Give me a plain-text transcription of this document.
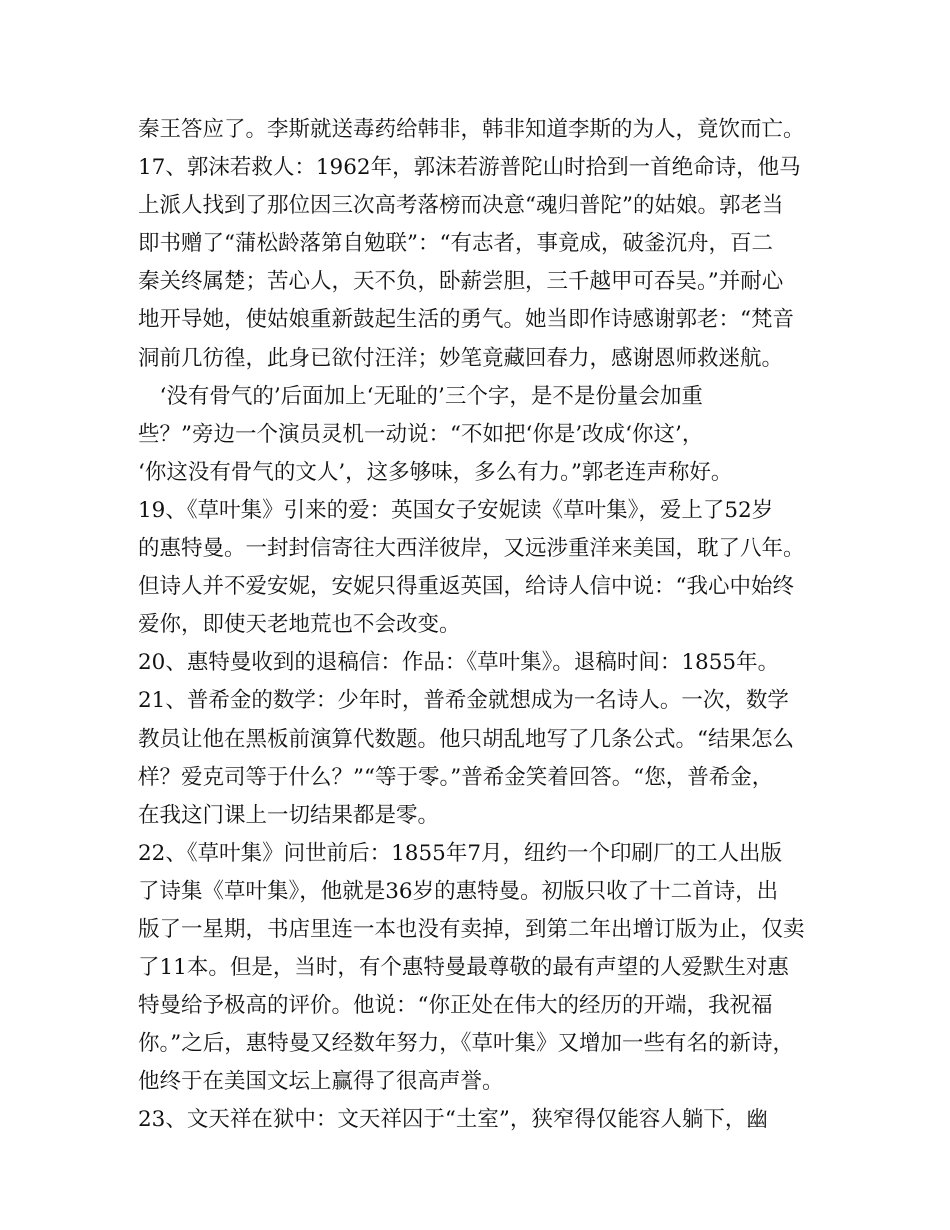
秦王答应了。李斯就送毒药给韩非，韩非知道李斯的为人，竟饮而亡。
17、郭沫若救人：1962年，郭沫若游普陀山时拾到一首绝命诗，他马
上派人找到了那位因三次高考落榜而决意“魂归普陀”的姑娘。郭老当
即书赠了“蒲松龄落第自勉联”：“有志者，事竟成，破釜沉舟，百二
秦关终属楚；苦心人，天不负，卧薪尝胆，三千越甲可吞吴。”并耐心
地开导她，使姑娘重新鼓起生活的勇气。她当即作诗感谢郭老：“梵音
洞前几彷徨，此身已欲付汪洋；妙笔竟藏回春力，感谢恩师救迷航。
　‘没有骨气的’后面加上‘无耻的’三个字，是不是份量会加重
些？”旁边一个演员灵机一动说：“不如把‘你是’改成‘你这’，
‘你这没有骨气的文人’，这多够味，多么有力。”郭老连声称好。
19、《草叶集》引来的爱：英国女子安妮读《草叶集》，爱上了52岁
的惠特曼。一封封信寄往大西洋彼岸，又远涉重洋来美国，耽了八年。
但诗人并不爱安妮，安妮只得重返英国，给诗人信中说：“我心中始终
爱你，即使天老地荒也不会改变。
20、惠特曼收到的退稿信：作品：《草叶集》。退稿时间：1855年。
21、普希金的数学：少年时，普希金就想成为一名诗人。一次，数学
教员让他在黑板前演算代数题。他只胡乱地写了几条公式。“结果怎么
样？爱克司等于什么？”“等于零。”普希金笑着回答。“您，普希金，
在我这门课上一切结果都是零。
22、《草叶集》问世前后：1855年7月，纽约一个印刷厂的工人出版
了诗集《草叶集》，他就是36岁的惠特曼。初版只收了十二首诗，出
版了一星期，书店里连一本也没有卖掉，到第二年出增订版为止，仅卖
了11本。但是，当时，有个惠特曼最尊敬的最有声望的人爱默生对惠
特曼给予极高的评价。他说：“你正处在伟大的经历的开端，我祝福
你。”之后，惠特曼又经数年努力，《草叶集》又增加一些有名的新诗，
他终于在美国文坛上赢得了很高声誉。
23、文天祥在狱中：文天祥囚于“土室”，狭窄得仅能容人躺下，幽
